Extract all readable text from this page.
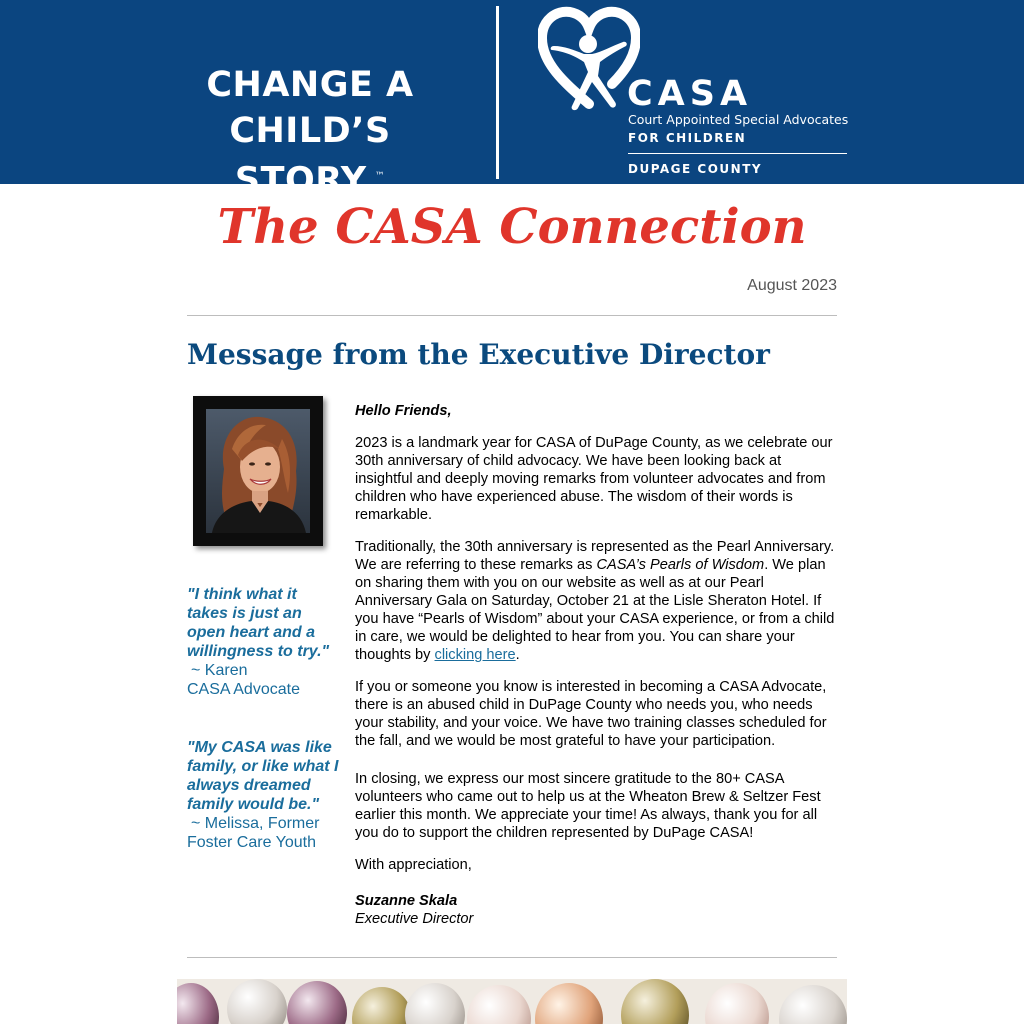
CHANGE A
CHILD’S STORY.™
® CASA
Court Appointed Special Advocates
FOR CHILDREN
DUPAGE COUNTY
The CASA Connection
August 2023
Message from the Executive Director
"I think what it takes is just an open heart and a willingness to try."
~ Karen
CASA Advocate
"My CASA was like family, or like what I always dreamed family would be."
~ Melissa, Former
Foster Care Youth

Hello Friends,

2023 is a landmark year for CASA of DuPage County, as we celebrate our 30th anniversary of child advocacy. We have been looking back at insightful and deeply moving remarks from volunteer advocates and from children who have experienced abuse. The wisdom of their words is remarkable.

Traditionally, the 30th anniversary is represented as the Pearl Anniversary. We are referring to these remarks as CASA’s Pearls of Wisdom. We plan on sharing them with you on our website as well as at our Pearl Anniversary Gala on Saturday, October 21 at the Lisle Sheraton Hotel. If you have “Pearls of Wisdom” about your CASA experience, or from a child in care, we would be delighted to hear from you. You can share your thoughts by clicking here.

If you or someone you know is interested in becoming a CASA Advocate, there is an abused child in DuPage County who needs you, who needs your stability, and your voice. We have two training classes scheduled for the fall, and we would be most grateful to have your participation.

In closing, we express our most sincere gratitude to the 80+ CASA volunteers who came out to help us at the Wheaton Brew & Seltzer Fest earlier this month. We appreciate your time! As always, thank you for all you do to support the children represented by DuPage CASA!

With appreciation,

Suzanne Skala

Executive Director
